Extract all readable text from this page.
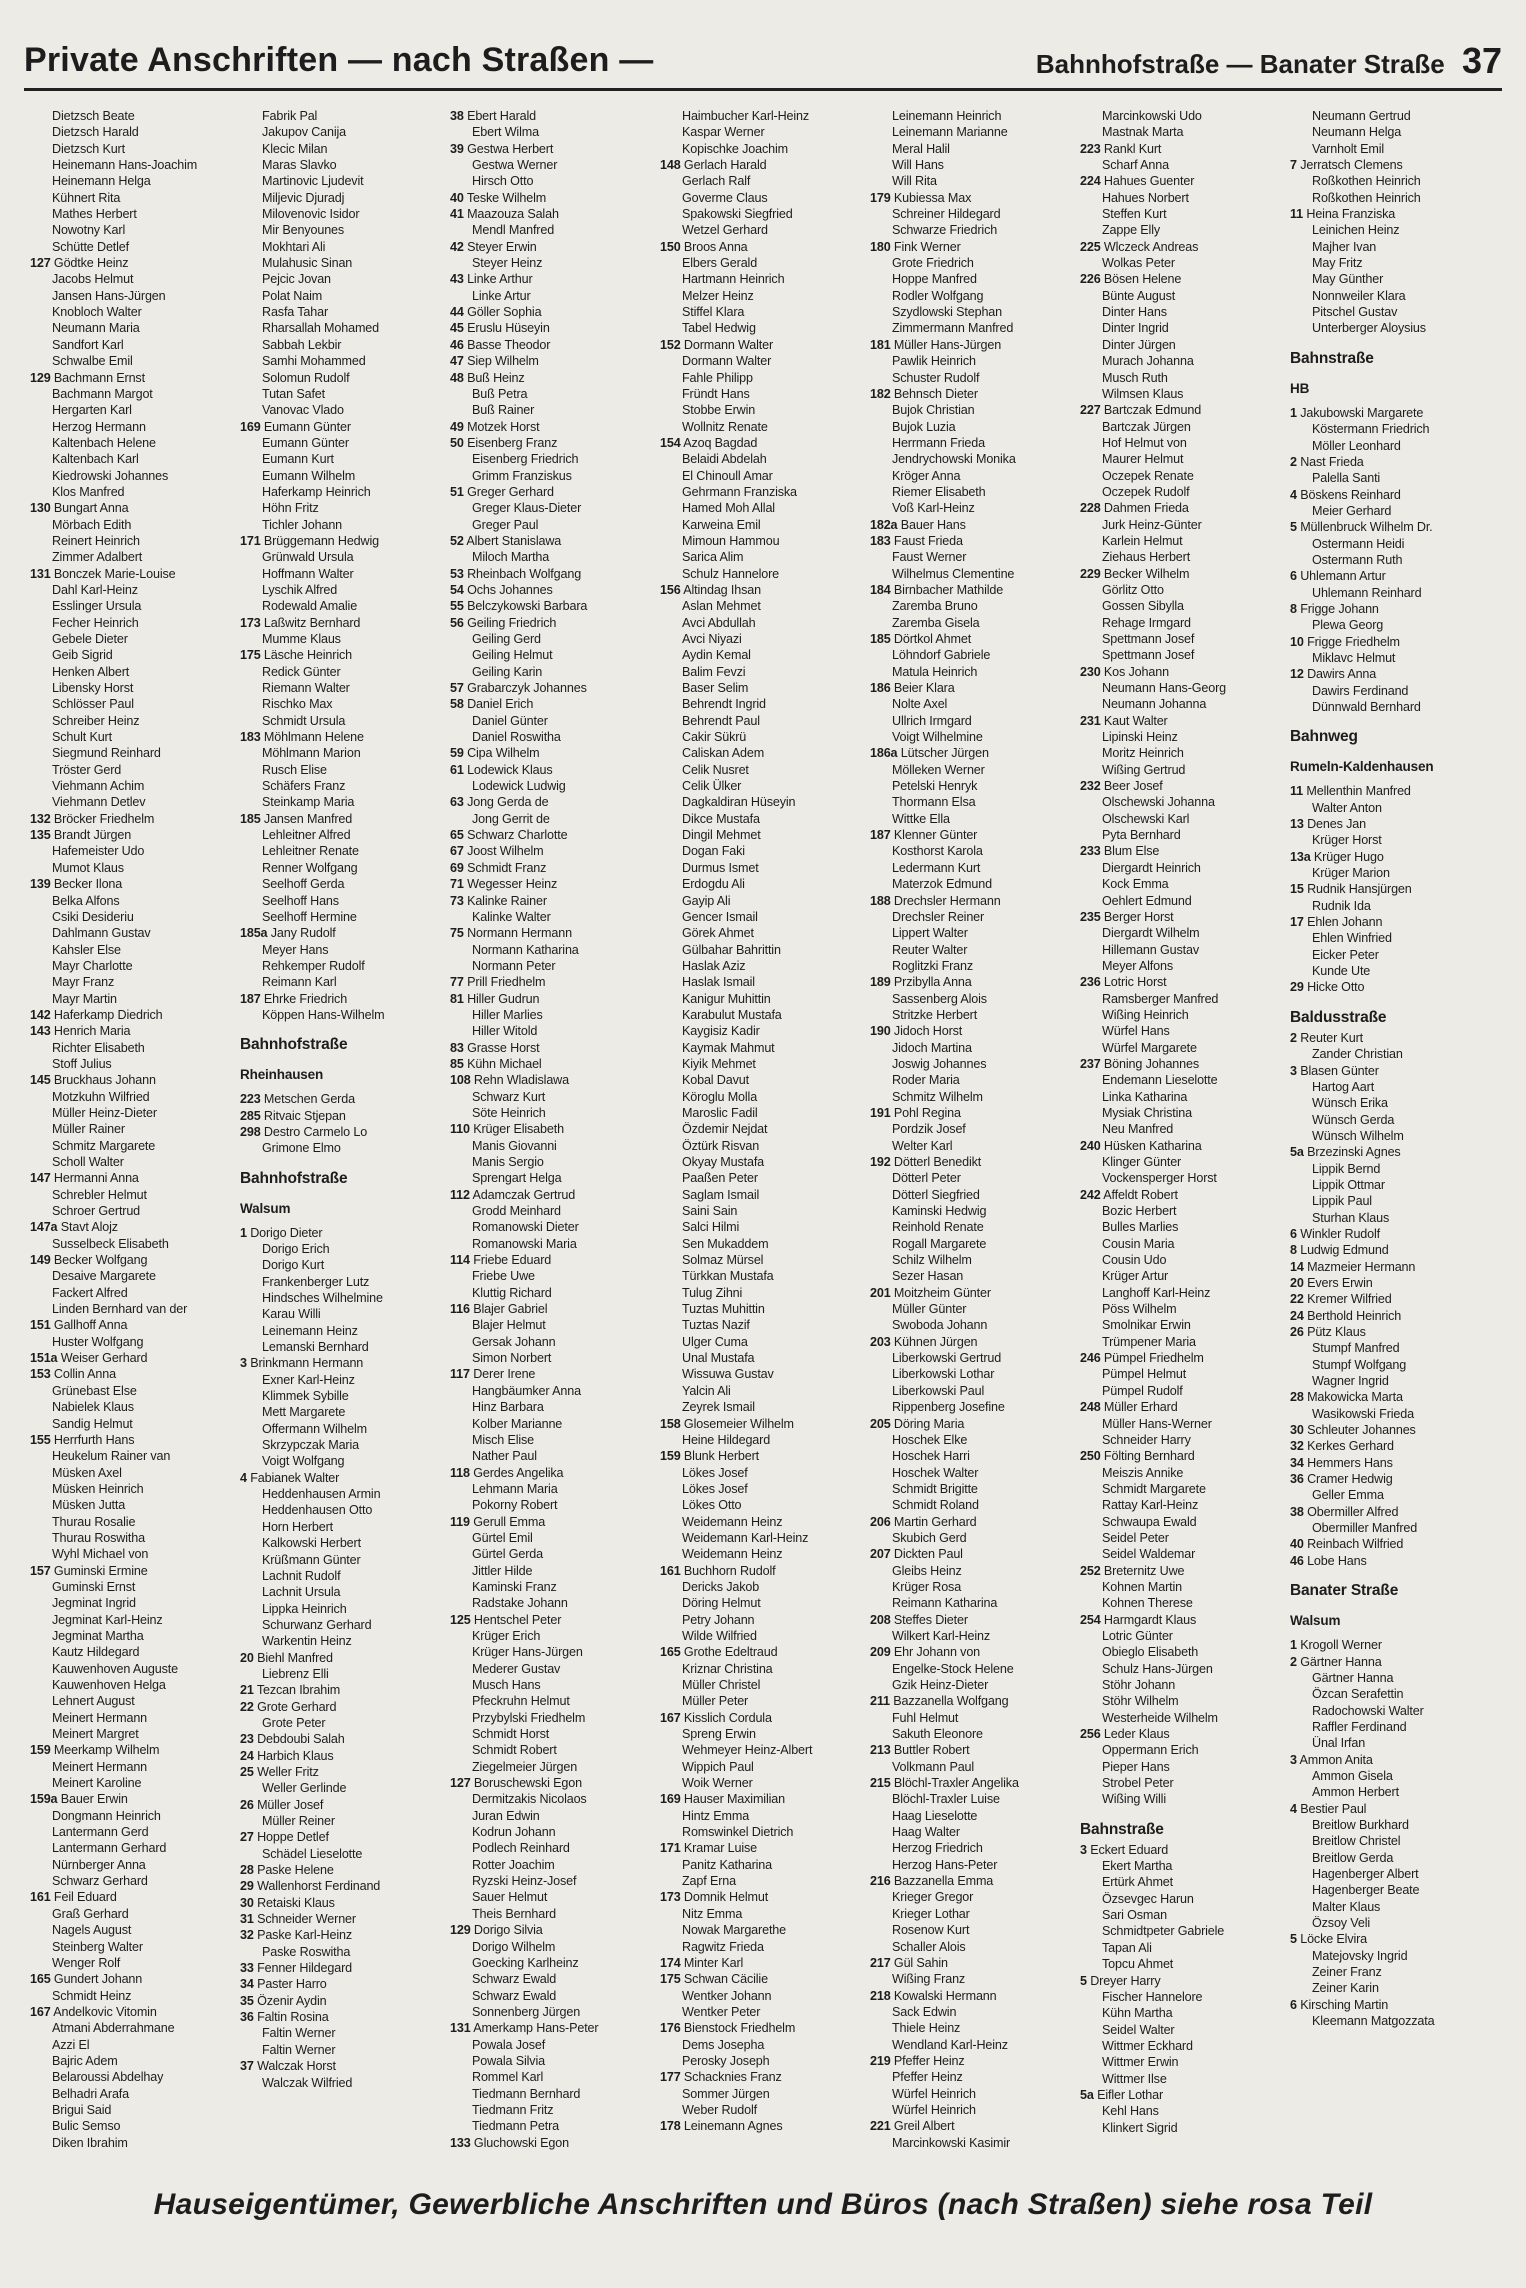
Private Anschriften — nach Straßen —	Bahnhofstraße — Banater Straße 37
Dietzsch Beate
Dietzsch Harald
Dietzsch Kurt
Heinemann Hans-Joachim
Heinemann Helga
Kühnert Rita
Mathes Herbert
Nowotny Karl
Schütte Detlef
127 Gödtke Heinz
Jacobs Helmut
Jansen Hans-Jürgen
Knobloch Walter
Neumann Maria
Sandfort Karl
Schwalbe Emil
129 Bachmann Ernst
Bachmann Margot
Hergarten Karl
Herzog Hermann
Kaltenbach Helene
Kaltenbach Karl
Kiedrowski Johannes
Klos Manfred
130 Bungart Anna
Mörbach Edith
Reinert Heinrich
Zimmer Adalbert
131 Bonczek Marie-Louise
Dahl Karl-Heinz
Esslinger Ursula
Fecher Heinrich
Gebele Dieter
Geib Sigrid
Henken Albert
Libensky Horst
Schlösser Paul
Schreiber Heinz
Schult Kurt
Siegmund Reinhard
Tröster Gerd
Viehmann Achim
Viehmann Detlev
132 Bröcker Friedhelm
135 Brandt Jürgen
Hafemeister Udo
Mumot Klaus
139 Becker Ilona
Belka Alfons
Csiki Desideriu
Dahlmann Gustav
Kahsler Else
Mayr Charlotte
Mayr Franz
Mayr Martin
142 Haferkamp Diedrich
143 Henrich Maria
Richter Elisabeth
Stoff Julius
145 Bruckhaus Johann
Motzkuhn Wilfried
Müller Heinz-Dieter
Müller Rainer
Schmitz Margarete
Scholl Walter
147 Hermanni Anna
Schrebler Helmut
Schroer Gertrud
147a Stavt Alojz
Susselbeck Elisabeth
149 Becker Wolfgang
Desaive Margarete
Fackert Alfred
Linden Bernhard van der
151 Gallhoff Anna
Huster Wolfgang
151a Weiser Gerhard
153 Collin Anna
Grünebast Else
Nabielek Klaus
Sandig Helmut
155 Herrfurth Hans
Heukelum Rainer van
Müsken Axel
Müsken Heinrich
Müsken Jutta
Thurau Rosalie
Thurau Roswitha
Wyhl Michael von
157 Guminski Ermine
Guminski Ernst
Jegminat Ingrid
Jegminat Karl-Heinz
Jegminat Martha
Kautz Hildegard
Kauwenhoven Auguste
Kauwenhoven Helga
Lehnert August
Meinert Hermann
Meinert Margret
159 Meerkamp Wilhelm
Meinert Hermann
Meinert Karoline
159a Bauer Erwin
Dongmann Heinrich
Lantermann Gerd
Lantermann Gerhard
Nürnberger Anna
Schwarz Gerhard
161 Feil Eduard
Graß Gerhard
Nagels August
Steinberg Walter
Wenger Rolf
165 Gundert Johann
Schmidt Heinz
167 Andelkovic Vitomin
Atmani Abderrahmane
Azzi El
Bajric Adem
Belaroussi Abdelhay
Belhadri Arafa
Brigui Said
Bulic Semso
Diken Ibrahim
Fabrik Pal
Jakupov Canija
Klecic Milan
Maras Slavko
Martinovic Ljudevit
Miljevic Djuradj
Milovenovic Isidor
Mir Benyounes
Mokhtari Ali
Mulahusic Sinan
Pejcic Jovan
Polat Naim
Rasfa Tahar
Rharsallah Mohamed
Sabbah Lekbir
Samhi Mohammed
Solomun Rudolf
Tutan Safet
Vanovac Vlado
169 Eumann Günter
Eumann Günter
Eumann Kurt
Eumann Wilhelm
Haferkamp Heinrich
Höhn Fritz
Tichler Johann
171 Brüggemann Hedwig
Grünwald Ursula
Hoffmann Walter
Lyschik Alfred
Rodewald Amalie
173 Laßwitz Bernhard
Mumme Klaus
175 Läsche Heinrich
Redick Günter
Riemann Walter
Rischko Max
Schmidt Ursula
183 Möhlmann Helene
Möhlmann Marion
Rusch Elise
Schäfers Franz
Steinkamp Maria
185 Jansen Manfred
Lehleitner Alfred
Lehleitner Renate
Renner Wolfgang
Seelhoff Gerda
Seelhoff Hans
Seelhoff Hermine
185a Jany Rudolf
Meyer Hans
Rehkemper Rudolf
Reimann Karl
187 Ehrke Friedrich
Köppen Hans-Wilhelm
Bahnhofstraße
Rheinhausen
223 Metschen Gerda
285 Ritvaic Stjepan
298 Destro Carmelo Lo
Grimone Elmo
Bahnhofstraße
Walsum
1 Dorigo Dieter
Dorigo Erich
Dorigo Kurt
Frankenberger Lutz
Hindsches Wilhelmine
Karau Willi
Leinemann Heinz
Lemanski Bernhard
3 Brinkmann Hermann
Exner Karl-Heinz
Klimmek Sybille
Mett Margarete
Offermann Wilhelm
Skrzypczak Maria
Voigt Wolfgang
4 Fabianek Walter
Heddenhausen Armin
Heddenhausen Otto
Horn Herbert
Kalkowski Herbert
Krüßmann Günter
Lachnit Rudolf
Lachnit Ursula
Lippka Heinrich
Schurwanz Gerhard
Warkentin Heinz
20 Biehl Manfred
Liebrenz Elli
21 Tezcan Ibrahim
22 Grote Gerhard
Grote Peter
23 Debdoubi Salah
24 Harbich Klaus
25 Weller Fritz
Weller Gerlinde
26 Müller Josef
Müller Reiner
27 Hoppe Detlef
Schädel Lieselotte
28 Paske Helene
29 Wallenhorst Ferdinand
30 Retaiski Klaus
31 Schneider Werner
32 Paske Karl-Heinz
Paske Roswitha
33 Fenner Hildegard
34 Paster Harro
35 Özenir Aydin
36 Faltin Rosina
Faltin Werner
Faltin Werner
37 Walczak Horst
Walczak Wilfried
38 Ebert Harald
Ebert Wilma
39 Gestwa Herbert
Gestwa Werner
Hirsch Otto
40 Teske Wilhelm
41 Maazouza Salah
Mendl Manfred
42 Steyer Erwin
Steyer Heinz
43 Linke Arthur
Linke Artur
44 Göller Sophia
45 Eruslu Hüseyin
46 Basse Theodor
47 Siep Wilhelm
48 Buß Heinz
Buß Petra
Buß Rainer
49 Motzek Horst
50 Eisenberg Franz
Eisenberg Friedrich
Grimm Franziskus
51 Greger Gerhard
Greger Klaus-Dieter
Greger Paul
52 Albert Stanislawa
Miloch Martha
53 Rheinbach Wolfgang
54 Ochs Johannes
55 Belczykowski Barbara
56 Geiling Friedrich
Geiling Gerd
Geiling Helmut
Geiling Karin
57 Grabarczyk Johannes
58 Daniel Erich
Daniel Günter
Daniel Roswitha
59 Cipa Wilhelm
61 Lodewick Klaus
Lodewick Ludwig
63 Jong Gerda de
Jong Gerrit de
65 Schwarz Charlotte
67 Joost Wilhelm
69 Schmidt Franz
71 Wegesser Heinz
73 Kalinke Rainer
Kalinke Walter
75 Normann Hermann
Normann Katharina
Normann Peter
77 Prill Friedhelm
81 Hiller Gudrun
Hiller Marlies
Hiller Witold
83 Grasse Horst
85 Kühn Michael
108 Rehn Wladislawa
Schwarz Kurt
Söte Heinrich
110 Krüger Elisabeth
Manis Giovanni
Manis Sergio
Sprengart Helga
112 Adamczak Gertrud
Grodd Meinhard
Romanowski Dieter
Romanowski Maria
114 Friebe Eduard
Friebe Uwe
Kluttig Richard
116 Blajer Gabriel
Blajer Helmut
Gersak Johann
Simon Norbert
117 Derer Irene
Hangbäumker Anna
Hinz Barbara
Kolber Marianne
Misch Elise
Nather Paul
118 Gerdes Angelika
Lehmann Maria
Pokorny Robert
119 Gerull Emma
Gürtel Emil
Gürtel Gerda
Jittler Hilde
Kaminski Franz
Radstake Johann
125 Hentschel Peter
Krüger Erich
Krüger Hans-Jürgen
Mederer Gustav
Musch Hans
Pfeckruhn Helmut
Przybylski Friedhelm
Schmidt Horst
Schmidt Robert
Ziegelmeier Jürgen
127 Boruschewski Egon
Dermitzakis Nicolaos
Juran Edwin
Kodrun Johann
Podlech Reinhard
Rotter Joachim
Ryzski Heinz-Josef
Sauer Helmut
Theis Bernhard
129 Dorigo Silvia
Dorigo Wilhelm
Goecking Karlheinz
Schwarz Ewald
Schwarz Ewald
Sonnenberg Jürgen
131 Amerkamp Hans-Peter
Powala Josef
Powala Silvia
Rommel Karl
Tiedmann Bernhard
Tiedmann Fritz
Tiedmann Petra
133 Gluchowski Egon
Haimbucher Karl-Heinz
Kaspar Werner
Kopischke Joachim
148 Gerlach Harald
Gerlach Ralf
Goverme Claus
Spakowski Siegfried
Wetzel Gerhard
150 Broos Anna
Elbers Gerald
Hartmann Heinrich
Melzer Heinz
Stiffel Klara
Tabel Hedwig
152 Dormann Walter
Dormann Walter
Fahle Philipp
Fründt Hans
Stobbe Erwin
Wollnitz Renate
154 Azoq Bagdad
Belaidi Abdelah
El Chinoull Amar
Gehrmann Franziska
Hamed Moh Allal
Karweina Emil
Mimoun Hammou
Sarica Alim
Schulz Hannelore
156 Altindag Ihsan
Aslan Mehmet
Avci Abdullah
Avci Niyazi
Aydin Kemal
Balim Fevzi
Baser Selim
Behrendt Ingrid
Behrendt Paul
Cakir Sükrü
Caliskan Adem
Celik Nusret
Celik Ülker
Dagkaldiran Hüseyin
Dikce Mustafa
Dingil Mehmet
Dogan Faki
Durmus Ismet
Erdogdu Ali
Gayip Ali
Gencer Ismail
Görek Ahmet
Gülbahar Bahrittin
Haslak Aziz
Haslak Ismail
Kanigur Muhittin
Karabulut Mustafa
Kaygisiz Kadir
Kaymak Mahmut
Kiyik Mehmet
Kobal Davut
Köroglu Molla
Maroslic Fadil
Özdemir Nejdat
Öztürk Risvan
Okyay Mustafa
Paaßen Peter
Saglam Ismail
Saini Sain
Salci Hilmi
Sen Mukaddem
Solmaz Mürsel
Türkkan Mustafa
Tulug Zihni
Tuztas Muhittin
Tuztas Nazif
Ulger Cuma
Unal Mustafa
Wissuwa Gustav
Yalcin Ali
Zeyrek Ismail
158 Glosemeier Wilhelm
Heine Hildegard
159 Blunk Herbert
Lökes Josef
Lökes Josef
Lökes Otto
Weidemann Heinz
Weidemann Karl-Heinz
Weidemann Heinz
161 Buchhorn Rudolf
Dericks Jakob
Döring Helmut
Petry Johann
Wilde Wilfried
165 Grothe Edeltraud
Kriznar Christina
Müller Christel
Müller Peter
167 Kisslich Cordula
Spreng Erwin
Wehmeyer Heinz-Albert
Wippich Paul
Woik Werner
169 Hauser Maximilian
Hintz Emma
Romswinkel Dietrich
171 Kramar Luise
Panitz Katharina
Zapf Erna
173 Domnik Helmut
Nitz Emma
Nowak Margarethe
Ragwitz Frieda
174 Minter Karl
175 Schwan Cäcilie
Wentker Johann
Wentker Peter
176 Bienstock Friedhelm
Dems Josepha
Perosky Joseph
177 Schacknies Franz
Sommer Jürgen
Weber Rudolf
178 Leinemann Agnes
Leinemann Heinrich
Leinemann Marianne
Meral Halil
Will Hans
Will Rita
179 Kubiessa Max
Schreiner Hildegard
Schwarze Friedrich
180 Fink Werner
Grote Friedrich
Hoppe Manfred
Rodler Wolfgang
Szydlowski Stephan
Zimmermann Manfred
181 Müller Hans-Jürgen
Pawlik Heinrich
Schuster Rudolf
182 Behnsch Dieter
Bujok Christian
Bujok Luzia
Herrmann Frieda
Jendrychowski Monika
Kröger Anna
Riemer Elisabeth
Voß Karl-Heinz
182a Bauer Hans
183 Faust Frieda
Faust Werner
Wilhelmus Clementine
184 Birnbacher Mathilde
Zaremba Bruno
Zaremba Gisela
185 Dörtkol Ahmet
Löhndorf Gabriele
Matula Heinrich
186 Beier Klara
Nolte Axel
Ullrich Irmgard
Voigt Wilhelmine
186a Lütscher Jürgen
Mölleken Werner
Petelski Henryk
Thormann Elsa
Wittke Ella
187 Klenner Günter
Kosthorst Karola
Ledermann Kurt
Materzok Edmund
188 Drechsler Hermann
Drechsler Reiner
Lippert Walter
Reuter Walter
Roglitzki Franz
189 Przibylla Anna
Sassenberg Alois
Stritzke Herbert
190 Jidoch Horst
Jidoch Martina
Joswig Johannes
Roder Maria
Schmitz Wilhelm
191 Pohl Regina
Pordzik Josef
Welter Karl
192 Dötterl Benedikt
Dötterl Peter
Dötterl Siegfried
Kaminski Hedwig
Reinhold Renate
Rogall Margarete
Schilz Wilhelm
Sezer Hasan
201 Moitzheim Günter
Müller Günter
Swoboda Johann
203 Kühnen Jürgen
Liberkowski Gertrud
Liberkowski Lothar
Liberkowski Paul
Rippenberg Josefine
205 Döring Maria
Hoschek Elke
Hoschek Harri
Hoschek Walter
Schmidt Brigitte
Schmidt Roland
206 Martin Gerhard
Skubich Gerd
207 Dickten Paul
Gleibs Heinz
Krüger Rosa
Reimann Katharina
208 Steffes Dieter
Wilkert Karl-Heinz
209 Ehr Johann von
Engelke-Stock Helene
Gzik Heinz-Dieter
211 Bazzanella Wolfgang
Fuhl Helmut
Sakuth Eleonore
213 Buttler Robert
Volkmann Paul
215 Blöchl-Traxler Angelika
Blöchl-Traxler Luise
Haag Lieselotte
Haag Walter
Herzog Friedrich
Herzog Hans-Peter
216 Bazzanella Emma
Krieger Gregor
Krieger Lothar
Rosenow Kurt
Schaller Alois
217 Gül Sahin
Wißing Franz
218 Kowalski Hermann
Sack Edwin
Thiele Heinz
Wendland Karl-Heinz
219 Pfeffer Heinz
Pfeffer Heinz
Würfel Heinrich
Würfel Heinrich
221 Greil Albert
Marcinkowski Kasimir
Marcinkowski Udo
Mastnak Marta
223 Rankl Kurt
Scharf Anna
224 Hahues Guenter
Hahues Norbert
Steffen Kurt
Zappe Elly
225 Wlczeck Andreas
Wolkas Peter
226 Bösen Helene
Bünte August
Dinter Hans
Dinter Ingrid
Dinter Jürgen
Murach Johanna
Musch Ruth
Wilmsen Klaus
227 Bartczak Edmund
Bartczak Jürgen
Hof Helmut von
Maurer Helmut
Oczepek Renate
Oczepek Rudolf
228 Dahmen Frieda
Jurk Heinz-Günter
Karlein Helmut
Ziehaus Herbert
229 Becker Wilhelm
Görlitz Otto
Gossen Sibylla
Rehage Irmgard
Spettmann Josef
Spettmann Josef
230 Kos Johann
Neumann Hans-Georg
Neumann Johanna
231 Kaut Walter
Lipinski Heinz
Moritz Heinrich
Wißing Gertrud
232 Beer Josef
Olschewski Johanna
Olschewski Karl
Pyta Bernhard
233 Blum Else
Diergardt Heinrich
Kock Emma
Oehlert Edmund
235 Berger Horst
Diergardt Wilhelm
Hillemann Gustav
Meyer Alfons
236 Lotric Horst
Ramsberger Manfred
Wißing Heinrich
Würfel Hans
Würfel Margarete
237 Böning Johannes
Endemann Lieselotte
Linka Katharina
Mysiak Christina
Neu Manfred
240 Hüsken Katharina
Klinger Günter
Vockensperger Horst
242 Affeldt Robert
Bozic Herbert
Bulles Marlies
Cousin Maria
Cousin Udo
Krüger Artur
Langhoff Karl-Heinz
Pöss Wilhelm
Smolnikar Erwin
Trümpener Maria
246 Pümpel Friedhelm
Pümpel Helmut
Pümpel Rudolf
248 Müller Erhard
Müller Hans-Werner
Schneider Harry
250 Fölting Bernhard
Meiszis Annike
Schmidt Margarete
Rattay Karl-Heinz
Schwaupa Ewald
Seidel Peter
Seidel Waldemar
252 Breternitz Uwe
Kohnen Martin
Kohnen Therese
254 Harmgardt Klaus
Lotric Günter
Obieglo Elisabeth
Schulz Hans-Jürgen
Stöhr Johann
Stöhr Wilhelm
Westerheide Wilhelm
256 Leder Klaus
Oppermann Erich
Pieper Hans
Strobel Peter
Wißing Willi
Bahnstraße
3 Eckert Eduard
Ekert Martha
Ertürk Ahmet
Özsevgec Harun
Sari Osman
Schmidtpeter Gabriele
Tapan Ali
Topcu Ahmet
5 Dreyer Harry
Fischer Hannelore
Kühn Martha
Seidel Walter
Wittmer Eckhard
Wittmer Erwin
Wittmer Ilse
5a Eifler Lothar
Kehl Hans
Klinkert Sigrid
Neumann Gertrud
Neumann Helga
Varnholt Emil
7 Jerratsch Clemens
Roßkothen Heinrich
Roßkothen Heinrich
11 Heina Franziska
Leinichen Heinz
Majher Ivan
May Fritz
May Günther
Nonnweiler Klara
Pitschel Gustav
Unterberger Aloysius
Bahnstraße
HB
1 Jakubowski Margarete
Köstermann Friedrich
Möller Leonhard
2 Nast Frieda
Palella Santi
4 Böskens Reinhard
Meier Gerhard
5 Müllenbruck Wilhelm Dr.
Ostermann Heidi
Ostermann Ruth
6 Uhlemann Artur
Uhlemann Reinhard
8 Frigge Johann
Plewa Georg
10 Frigge Friedhelm
Miklavc Helmut
12 Dawirs Anna
Dawirs Ferdinand
Dünnwald Bernhard
Bahnweg
Rumeln-Kaldenhausen
11 Mellenthin Manfred
Walter Anton
13 Denes Jan
Krüger Horst
13a Krüger Hugo
Krüger Marion
15 Rudnik Hansjürgen
Rudnik Ida
17 Ehlen Johann
Ehlen Winfried
Eicker Peter
Kunde Ute
29 Hicke Otto
Baldusstraße
2 Reuter Kurt
Zander Christian
3 Blasen Günter
Hartog Aart
Wünsch Erika
Wünsch Gerda
Wünsch Wilhelm
5a Brzezinski Agnes
Lippik Bernd
Lippik Ottmar
Lippik Paul
Sturhan Klaus
6 Winkler Rudolf
8 Ludwig Edmund
14 Mazmeier Hermann
20 Evers Erwin
22 Kremer Wilfried
24 Berthold Heinrich
26 Pütz Klaus
Stumpf Manfred
Stumpf Wolfgang
Wagner Ingrid
28 Makowicka Marta
Wasikowski Frieda
30 Schleuter Johannes
32 Kerkes Gerhard
34 Hemmers Hans
36 Cramer Hedwig
Geller Emma
38 Obermiller Alfred
Obermiller Manfred
40 Reinbach Wilfried
46 Lobe Hans
Banater Straße
Walsum
1 Krogoll Werner
2 Gärtner Hanna
Gärtner Hanna
Özcan Serafettin
Radochowski Walter
Raffler Ferdinand
Ünal Irfan
3 Ammon Anita
Ammon Gisela
Ammon Herbert
4 Bestier Paul
Breitlow Burkhard
Breitlow Christel
Breitlow Gerda
Hagenberger Albert
Hagenberger Beate
Malter Klaus
Özsoy Veli
5 Löcke Elvira
Matejovsky Ingrid
Zeiner Franz
Zeiner Karin
6 Kirsching Martin
Kleemann Matgozzata
Hauseigentümer, Gewerbliche Anschriften und Büros (nach Straßen) siehe rosa Teil
